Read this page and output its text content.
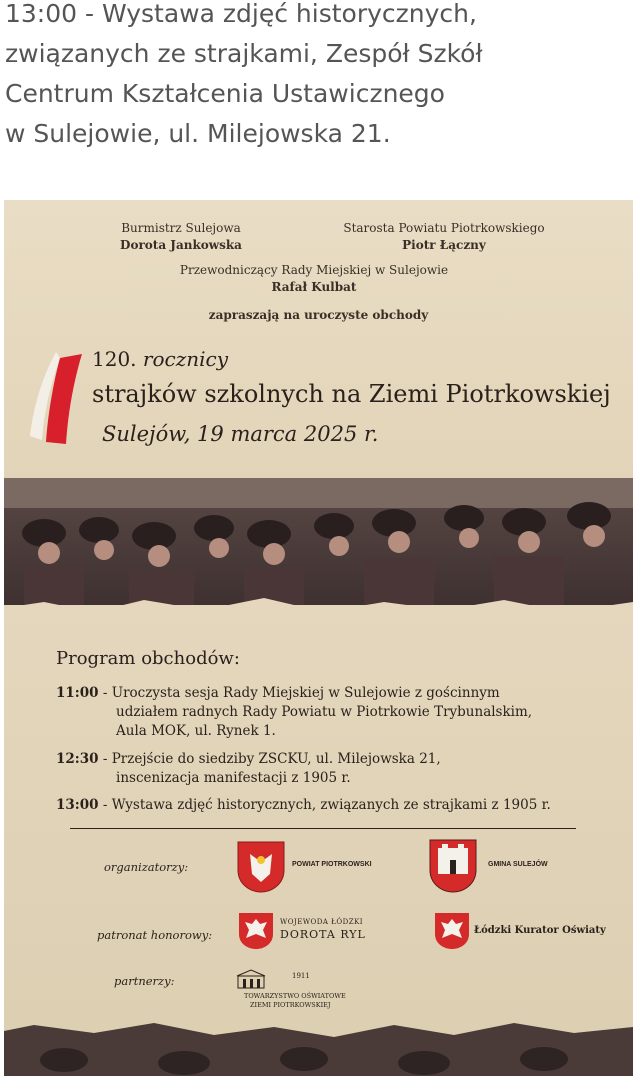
13:00 - Wystawa zdjęć historycznych,
związanych ze strajkami, Zespół Szkół
Centrum Kształcenia Ustawicznego
w Sulejowie, ul. Milejowska 21.
Burmistrz Sulejowa
Dorota Jankowska
Starosta Powiatu Piotrkowskiego
Piotr Łączny
Przewodniczący Rady Miejskiej w Sulejowie
Rafał Kulbat
zapraszają na uroczyste obchody
120. rocznicy
strajków szkolnych na Ziemi Piotrkowskiej
Sulejów, 19 marca 2025 r.
Program obchodów:
11:00 - Uroczysta sesja Rady Miejskiej w Sulejowie z gościnnym
udziałem radnych Rady Powiatu w Piotrkowie Trybunalskim,
Aula MOK, ul. Rynek 1.
12:30 - Przejście do siedziby ZSCKU, ul. Milejowska 21,
inscenizacja manifestacji z 1905 r.
13:00 - Wystawa zdjęć historycznych, związanych ze strajkami z 1905 r.
organizatorzy:	POWIAT PIOTRKOWSKI	GMINA SULEJÓW
patronat honorowy:
WOJEWODA ŁÓDZKI
DOROTA RYL	Łódzki Kurator Oświaty
partnerzy:	1911
TOWARZYSTWO OŚWIATOWE
ZIEMI PIOTRKOWSKIEJ
